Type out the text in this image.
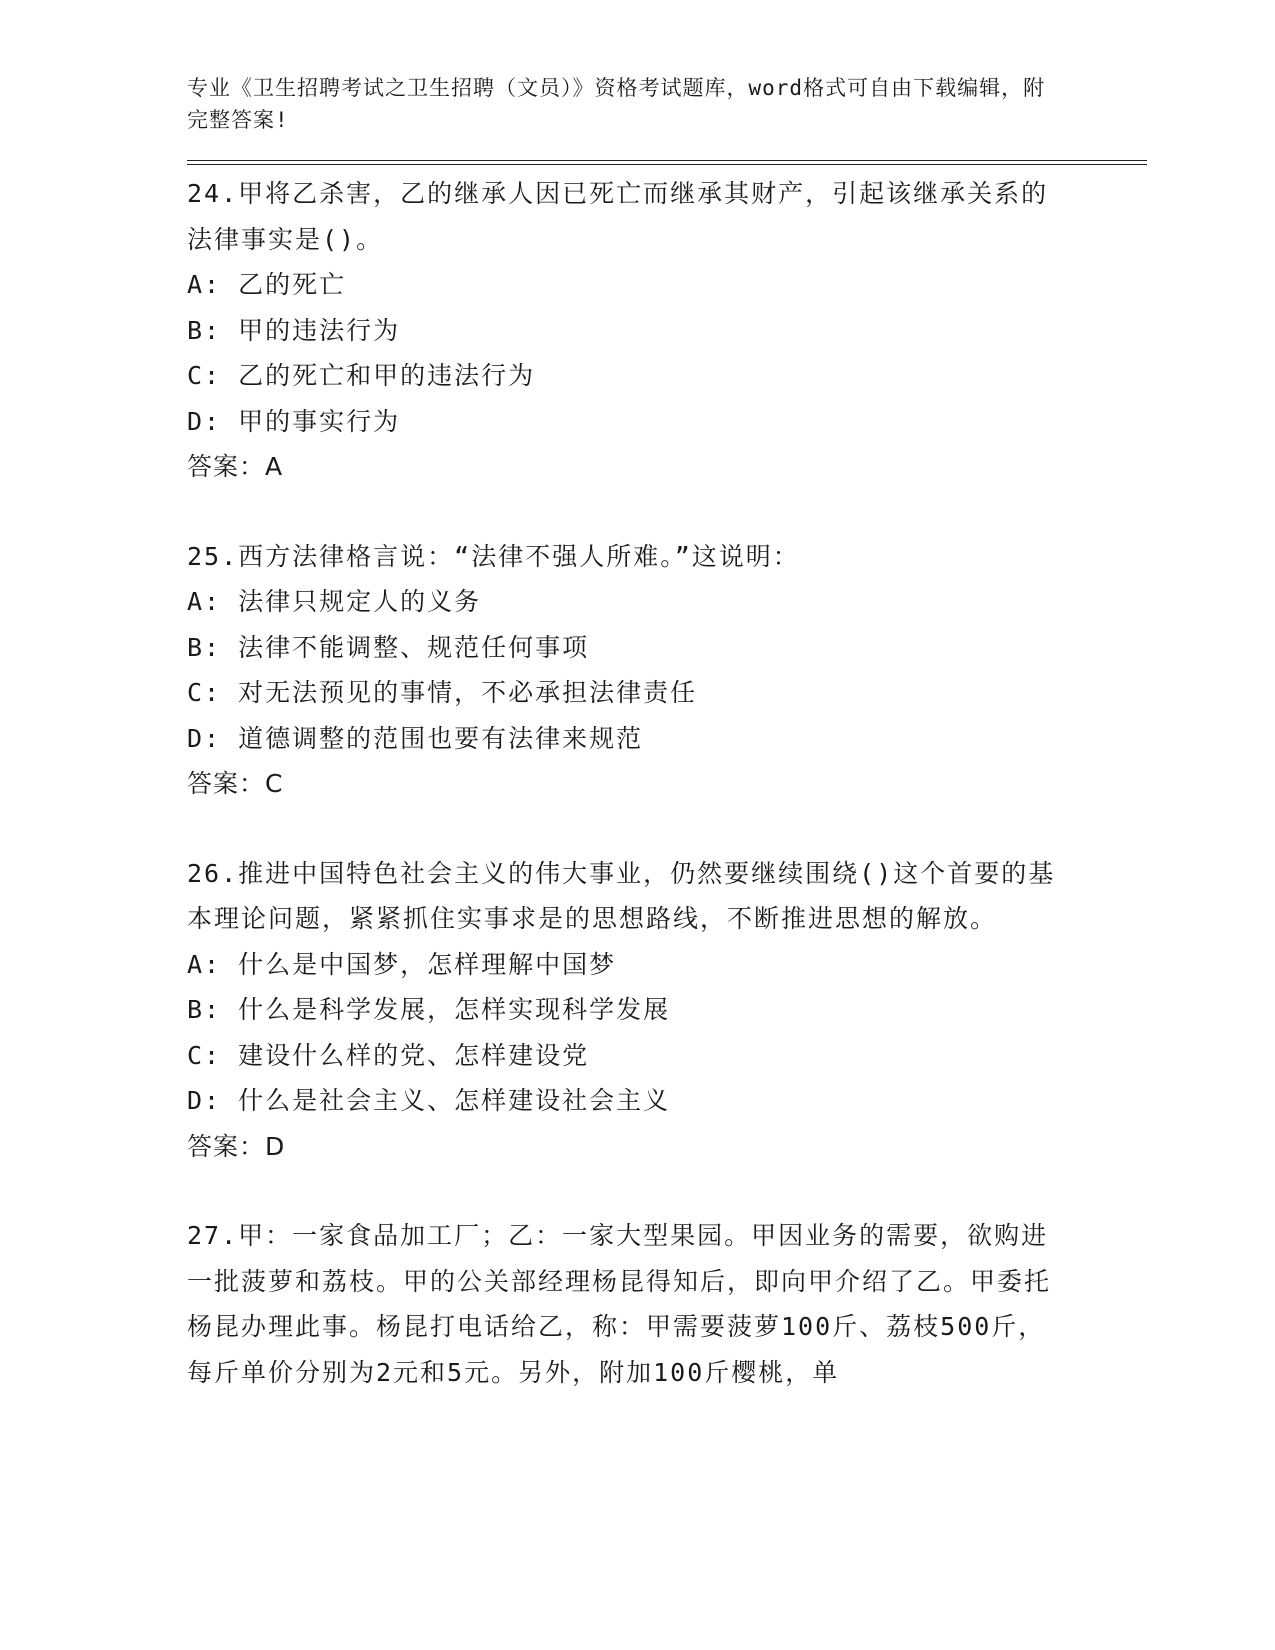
专业《卫生招聘考试之卫生招聘（文员）》资格考试题库，word格式可自由下载编辑，附完整答案!
24.甲将乙杀害，乙的继承人因已死亡而继承其财产，引起该继承关系的法律事实是()。
A: 乙的死亡
B: 甲的违法行为
C: 乙的死亡和甲的违法行为
D: 甲的事实行为
答案：A
25.西方法律格言说：“法律不强人所难。”这说明：
A: 法律只规定人的义务
B: 法律不能调整、规范任何事项
C: 对无法预见的事情，不必承担法律责任
D: 道德调整的范围也要有法律来规范
答案：C
26.推进中国特色社会主义的伟大事业，仍然要继续围绕()这个首要的基本理论问题，紧紧抓住实事求是的思想路线，不断推进思想的解放。
A: 什么是中国梦，怎样理解中国梦
B: 什么是科学发展，怎样实现科学发展
C: 建设什么样的党、怎样建设党
D: 什么是社会主义、怎样建设社会主义
答案：D
27.甲：一家食品加工厂；乙：一家大型果园。甲因业务的需要，欲购进一批菠萝和荔枝。甲的公关部经理杨昆得知后，即向甲介绍了乙。甲委托杨昆办理此事。杨昆打电话给乙，称：甲需要菠萝100斤、荔枝500斤，每斤单价分别为2元和5元。另外，附加100斤樱桃，单
